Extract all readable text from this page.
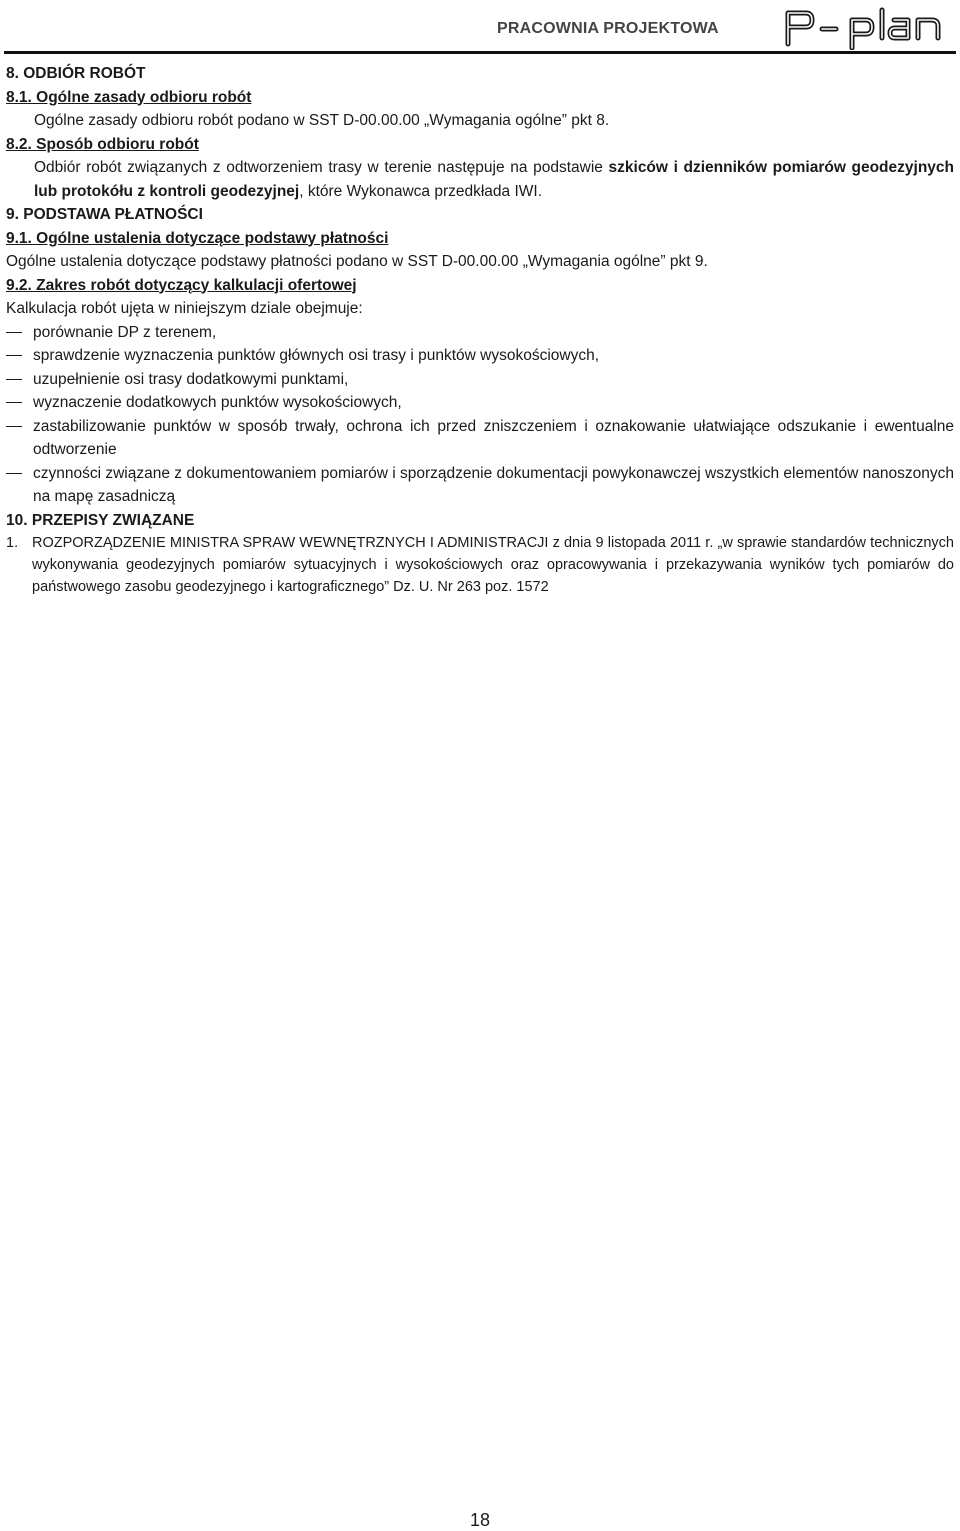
PRACOWNIA PROJEKTOWA

8. ODBIÓR ROBÓT

8.1. Ogólne zasady odbioru robót

Ogólne zasady odbioru robót podano w SST D-00.00.00 „Wymagania ogólne” pkt 8.

8.2. Sposób odbioru robót

Odbiór robót związanych z odtworzeniem trasy w terenie następuje na podstawie szkiców i dzienników pomiarów geodezyjnych lub protokółu z kontroli geodezyjnej, które Wykonawca przedkłada IWI.

9. PODSTAWA PŁATNOŚCI

9.1. Ogólne ustalenia dotyczące podstawy płatności

Ogólne ustalenia dotyczące podstawy płatności podano w SST D-00.00.00 „Wymagania ogólne” pkt 9.

9.2. Zakres robót dotyczący kalkulacji ofertowej

Kalkulacja robót ujęta w niniejszym dziale obejmuje:

porównanie DP z terenem,
sprawdzenie wyznaczenia punktów głównych osi trasy i punktów wysokościowych,
uzupełnienie osi trasy dodatkowymi punktami,
wyznaczenie dodatkowych punktów wysokościowych,
zastabilizowanie punktów w sposób trwały, ochrona ich przed zniszczeniem i oznakowanie ułatwiające odszukanie i ewentualne odtworzenie
czynności związane z dokumentowaniem pomiarów i sporządzenie dokumentacji powykonawczej wszystkich elementów nanoszonych na mapę zasadniczą

10. PRZEPISY ZWIĄZANE

1. ROZPORZĄDZENIE MINISTRA SPRAW WEWNĘTRZNYCH I ADMINISTRACJI z dnia 9 listopada 2011 r. „w sprawie standardów technicznych wykonywania geodezyjnych pomiarów sytuacyjnych i wysokościowych oraz opracowywania i przekazywania wyników tych pomiarów do państwowego zasobu geodezyjnego i kartograficznego” Dz. U. Nr 263 poz. 1572

18
